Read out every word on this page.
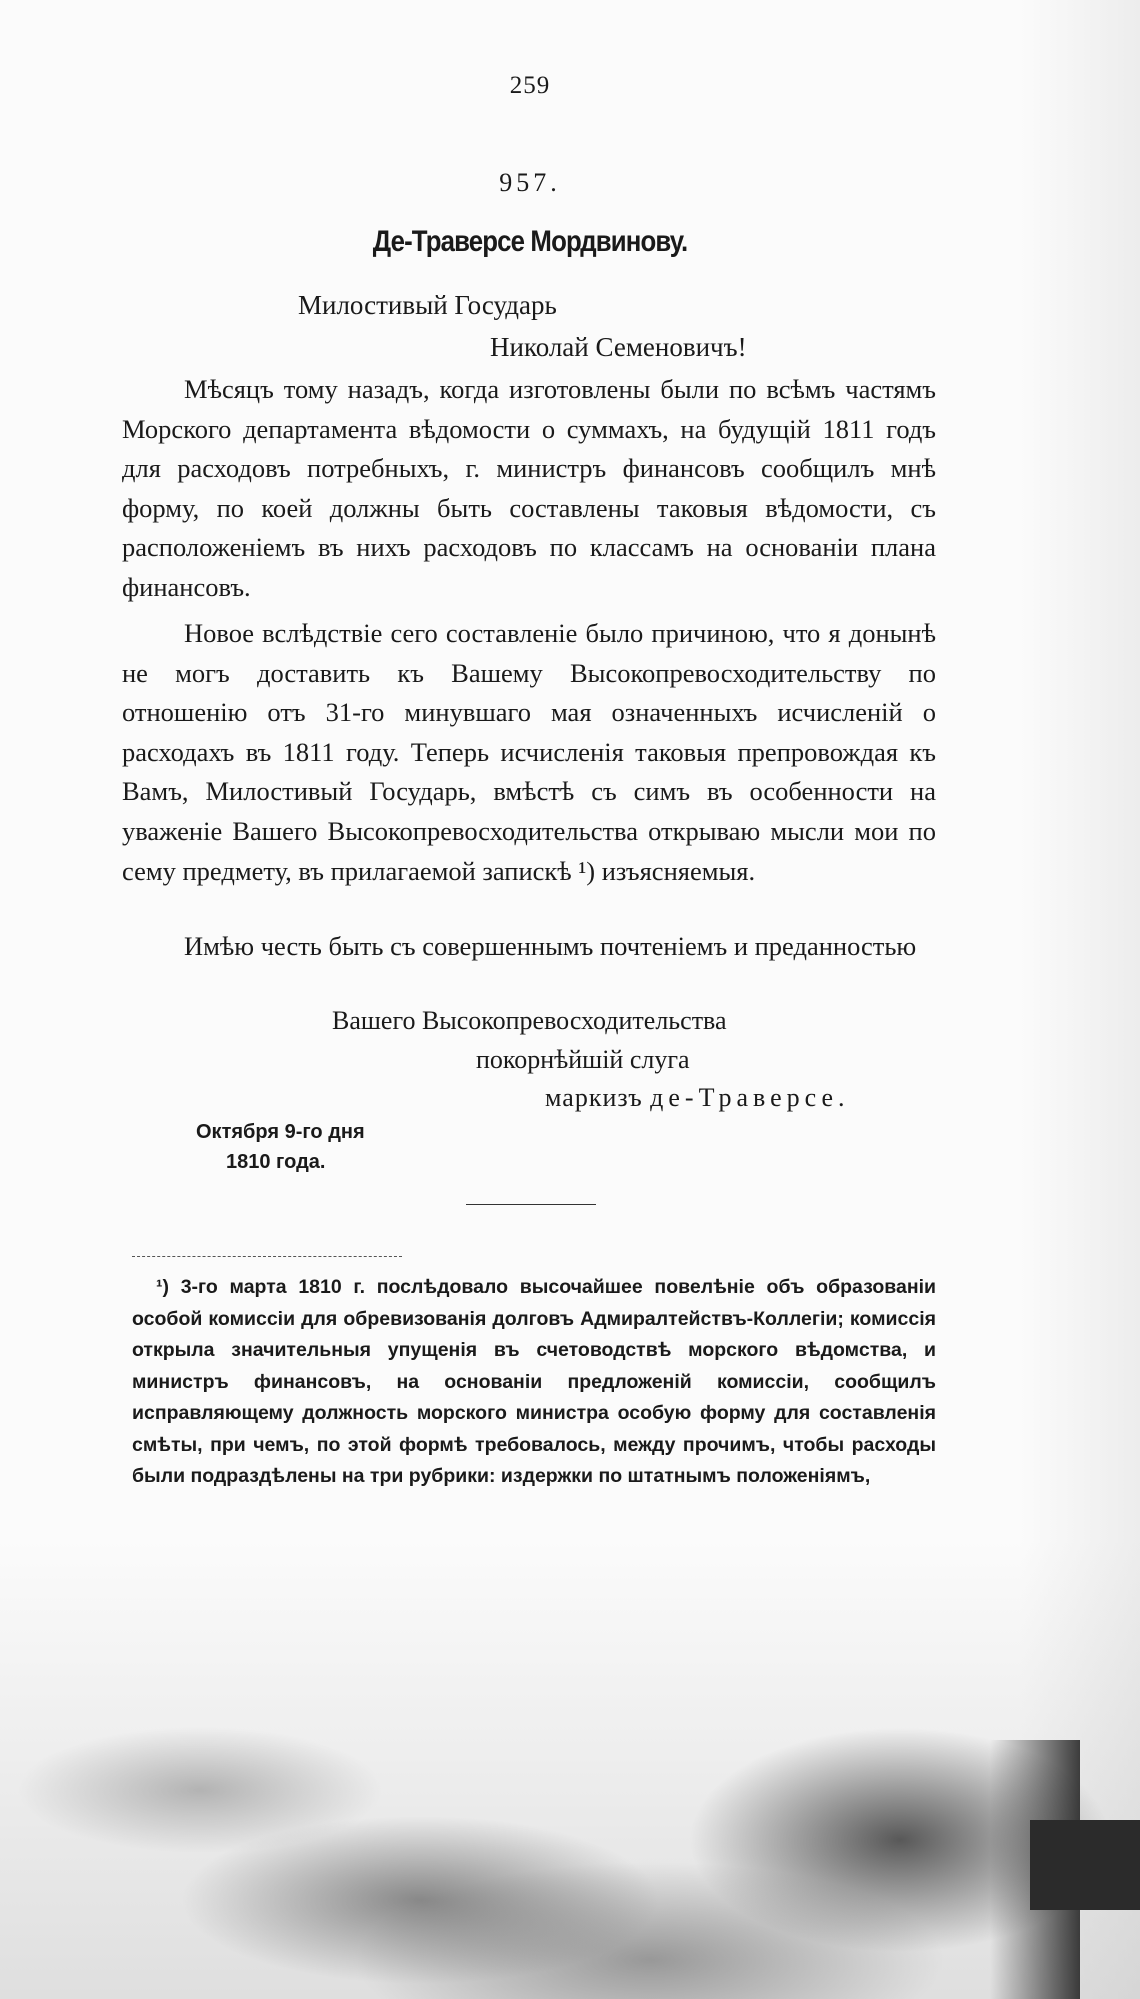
259
957.
Де-Траверсе Мордвинову.
Милостивый Государь
Николай Семеновичъ!

Мѣсяцъ тому назадъ, когда изготовлены были по всѣмъ частямъ Морского департамента вѣдомости о суммахъ, на будущій 1811 годъ для расходовъ потребныхъ, г. министръ финансовъ сообщилъ мнѣ форму, по коей должны быть составлены таковыя вѣдомости, съ расположеніемъ въ нихъ расходовъ по классамъ на основаніи плана финансовъ.

Новое вслѣдствіе сего составленіе было причиною, что я донынѣ не могъ доставить къ Вашему Высокопревосходительству по отношенію отъ 31-го минувшаго мая означенныхъ исчисленій о расходахъ въ 1811 году. Теперь исчисленія таковыя препровождая къ Вамъ, Милостивый Государь, вмѣстѣ съ симъ въ особенности на уваженіе Вашего Высокопревосходительства открываю мысли мои по сему предмету, въ прилагаемой запискѣ ¹) изъясняемыя.

Имѣю честь быть съ совершеннымъ почтеніемъ и преданностью

Вашего Высокопревосходительства
покорнѣйшій слуга
маркизъ де-Траверсе.
Октября 9-го дня
1810 года.

¹) 3-го марта 1810 г. послѣдовало высочайшее повелѣніе объ образованіи особой комиссіи для обревизованія долговъ Адмиралтействъ-Коллегіи; комиссія открыла значительныя упущенія въ счетоводствѣ морского вѣдомства, и министръ финансовъ, на основаніи предложеній комиссіи, сообщилъ исправляющему должность морского министра особую форму для составленія смѣты, при чемъ, по этой формѣ требовалось, между прочимъ, чтобы расходы были подраздѣлены на три рубрики: издержки по штатнымъ положеніямъ,
